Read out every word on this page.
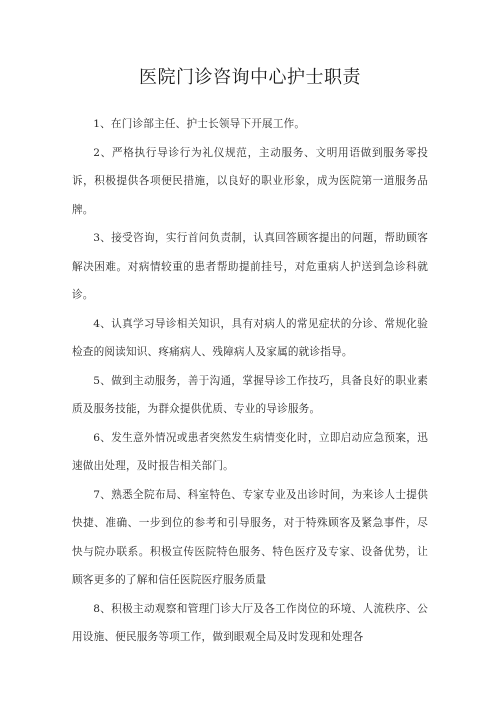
医院门诊咨询中心护士职责

1、在门诊部主任、护士长领导下开展工作。

2、严格执行导诊行为礼仪规范，主动服务、文明用语做到服务零投诉，积极提供各项便民措施，以良好的职业形象，成为医院第一道服务品牌。

3、接受咨询，实行首问负责制，认真回答顾客提出的问题，帮助顾客解决困难。对病情较重的患者帮助提前挂号，对危重病人护送到急诊科就诊。

4、认真学习导诊相关知识，具有对病人的常见症状的分诊、常规化验检查的阅读知识、疼痛病人、残障病人及家属的就诊指导。

5、做到主动服务，善于沟通，掌握导诊工作技巧，具备良好的职业素质及服务技能，为群众提供优质、专业的导诊服务。

6、发生意外情况或患者突然发生病情变化时，立即启动应急预案，迅速做出处理，及时报告相关部门。

7、熟悉全院布局、科室特色、专家专业及出诊时间，为来诊人士提供快捷、准确、一步到位的参考和引导服务，对于特殊顾客及紧急事件，尽快与院办联系。积极宣传医院特色服务、特色医疗及专家、设备优势，让顾客更多的了解和信任医院医疗服务质量

8、积极主动观察和管理门诊大厅及各工作岗位的环境、人流秩序、公用设施、便民服务等项工作，做到眼观全局及时发现和处理各
